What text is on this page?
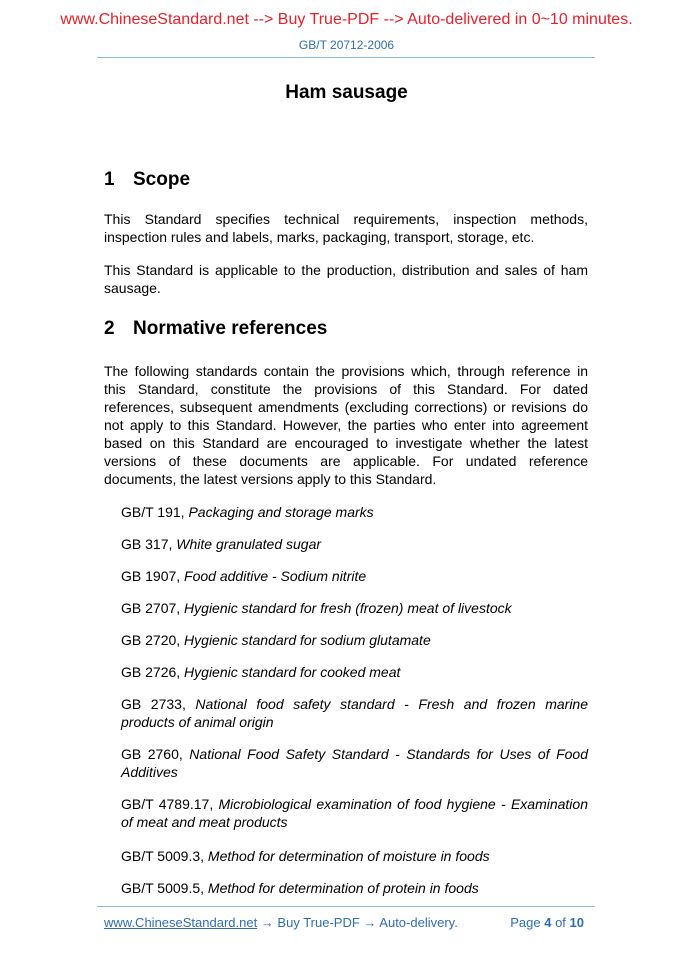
www.ChineseStandard.net --> Buy True-PDF --> Auto-delivered in 0~10 minutes.
GB/T 20712-2006
Ham sausage
1 Scope
This Standard specifies technical requirements, inspection methods, inspection rules and labels, marks, packaging, transport, storage, etc.
This Standard is applicable to the production, distribution and sales of ham sausage.
2 Normative references
The following standards contain the provisions which, through reference in this Standard, constitute the provisions of this Standard. For dated references, subsequent amendments (excluding corrections) or revisions do not apply to this Standard. However, the parties who enter into agreement based on this Standard are encouraged to investigate whether the latest versions of these documents are applicable. For undated reference documents, the latest versions apply to this Standard.
GB/T 191, Packaging and storage marks
GB 317, White granulated sugar
GB 1907, Food additive - Sodium nitrite
GB 2707, Hygienic standard for fresh (frozen) meat of livestock
GB 2720, Hygienic standard for sodium glutamate
GB 2726, Hygienic standard for cooked meat
GB 2733, National food safety standard - Fresh and frozen marine products of animal origin
GB 2760, National Food Safety Standard - Standards for Uses of Food Additives
GB/T 4789.17, Microbiological examination of food hygiene - Examination of meat and meat products
GB/T 5009.3, Method for determination of moisture in foods
GB/T 5009.5, Method for determination of protein in foods
www.ChineseStandard.net → Buy True-PDF → Auto-delivery.	Page 4 of 10
